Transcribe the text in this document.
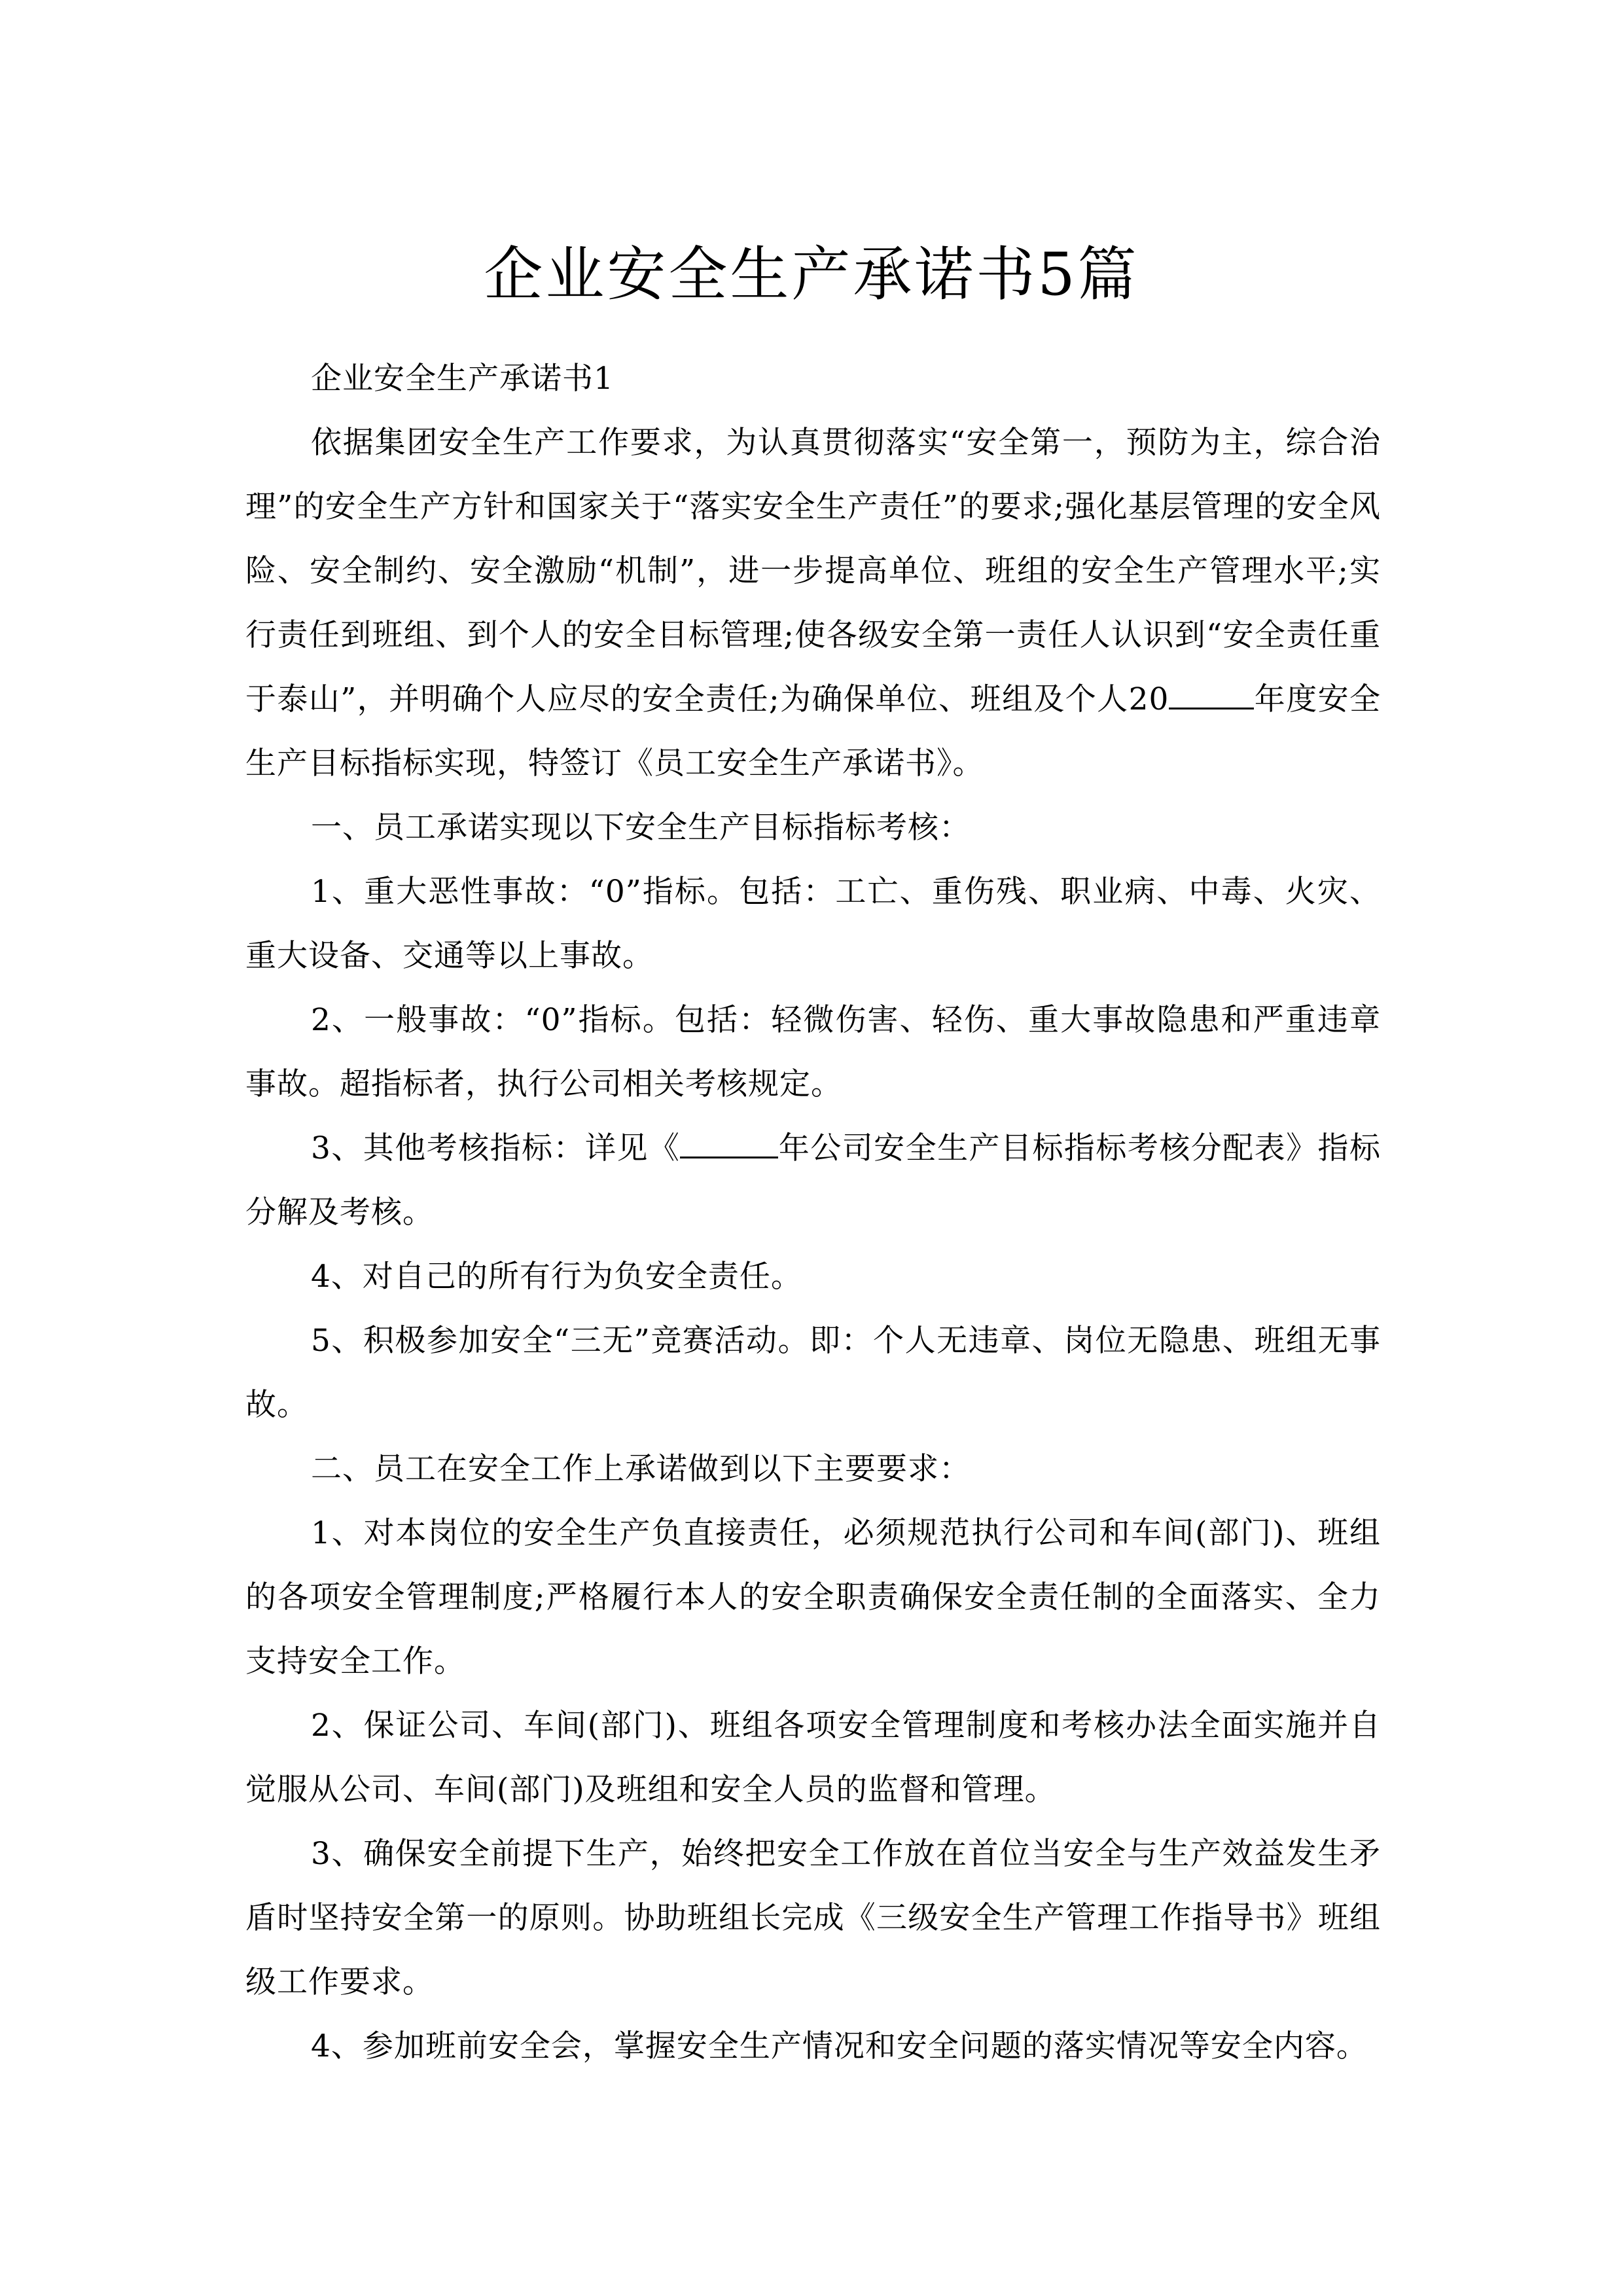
企业安全生产承诺书5篇

企业安全生产承诺书1

依据集团安全生产工作要求，为认真贯彻落实“安全第一，预防为主，综合治理”的安全生产方针和国家关于“落实安全生产责任”的要求;强化基层管理的安全风险、安全制约、安全激励“机制”，进一步提高单位、班组的安全生产管理水平;实行责任到班组、到个人的安全目标管理;使各级安全第一责任人认识到“安全责任重于泰山”，并明确个人应尽的安全责任;为确保单位、班组及个人20	年度安全生产目标指标实现，特签订《员工安全生产承诺书》。

一、员工承诺实现以下安全生产目标指标考核：

1、重大恶性事故：“0”指标。包括：工亡、重伤残、职业病、中毒、火灾、重大设备、交通等以上事故。

2、一般事故：“0”指标。包括：轻微伤害、轻伤、重大事故隐患和严重违章事故。超指标者，执行公司相关考核规定。

3、其他考核指标：详见《	年公司安全生产目标指标考核分配表》指标分解及考核。

4、对自己的所有行为负安全责任。

5、积极参加安全“三无”竞赛活动。即：个人无违章、岗位无隐患、班组无事故。

二、员工在安全工作上承诺做到以下主要要求：

1、对本岗位的安全生产负直接责任，必须规范执行公司和车间(部门)、班组的各项安全管理制度;严格履行本人的安全职责确保安全责任制的全面落实、全力支持安全工作。

2、保证公司、车间(部门)、班组各项安全管理制度和考核办法全面实施并自觉服从公司、车间(部门)及班组和安全人员的监督和管理。

3、确保安全前提下生产，始终把安全工作放在首位当安全与生产效益发生矛盾时坚持安全第一的原则。协助班组长完成《三级安全生产管理工作指导书》班组级工作要求。

4、参加班前安全会，掌握安全生产情况和安全问题的落实情况等安全内容。
